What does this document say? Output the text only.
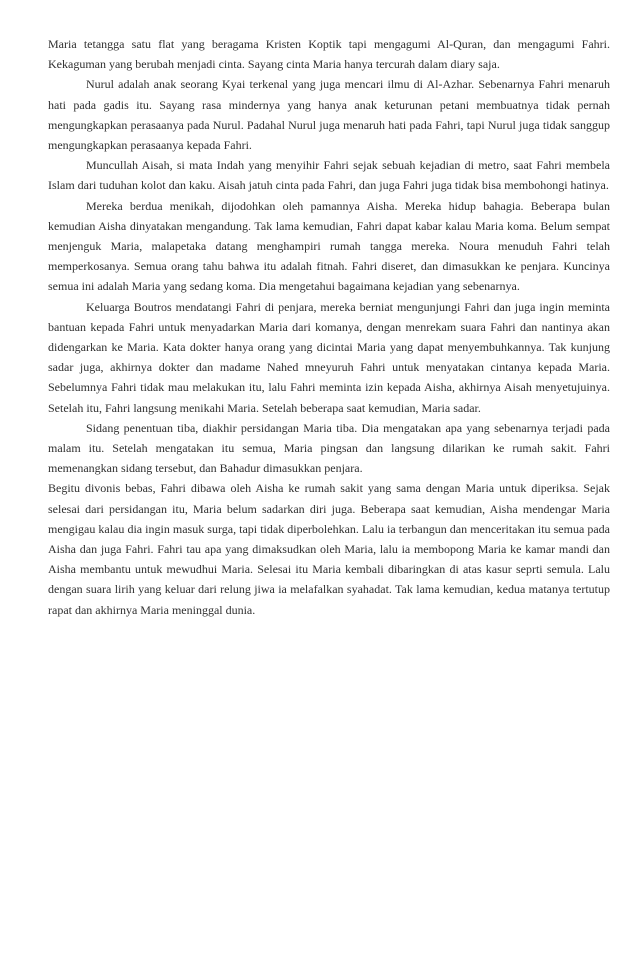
Maria tetangga satu flat yang beragama Kristen Koptik tapi mengagumi Al-Quran, dan mengagumi Fahri. Kekaguman yang berubah menjadi cinta. Sayang cinta Maria hanya tercurah dalam diary saja.

Nurul adalah anak seorang Kyai terkenal yang juga mencari ilmu di Al-Azhar. Sebenarnya Fahri menaruh hati pada gadis itu. Sayang rasa mindernya yang hanya anak keturunan petani membuatnya tidak pernah mengungkapkan perasaanya pada Nurul. Padahal Nurul juga menaruh hati pada Fahri, tapi Nurul juga tidak sanggup mengungkapkan perasaanya kepada Fahri.

Muncullah Aisah, si mata Indah yang menyihir Fahri sejak sebuah kejadian di metro, saat Fahri membela Islam dari tuduhan kolot dan kaku. Aisah jatuh cinta pada Fahri, dan juga Fahri juga tidak bisa membohongi hatinya.

Mereka berdua menikah, dijodohkan oleh pamannya Aisha. Mereka hidup bahagia. Beberapa bulan kemudian Aisha dinyatakan mengandung. Tak lama kemudian, Fahri dapat kabar kalau Maria koma. Belum sempat menjenguk Maria, malapetaka datang menghampiri rumah tangga mereka. Noura menuduh Fahri telah memperkosanya. Semua orang tahu bahwa itu adalah fitnah. Fahri diseret, dan dimasukkan ke penjara. Kuncinya semua ini adalah Maria yang sedang koma. Dia mengetahui bagaimana kejadian yang sebenarnya.

Keluarga Boutros mendatangi Fahri di penjara, mereka berniat mengunjungi Fahri dan juga ingin meminta bantuan kepada Fahri untuk menyadarkan Maria dari komanya, dengan menrekam suara Fahri dan nantinya akan didengarkan ke Maria. Kata dokter hanya orang yang dicintai Maria yang dapat menyembuhkannya. Tak kunjung sadar juga, akhirnya dokter dan madame Nahed mneyuruh Fahri untuk menyatakan cintanya kepada Maria. Sebelumnya Fahri tidak mau melakukan itu, lalu Fahri meminta izin kepada Aisha, akhirnya Aisah menyetujuinya. Setelah itu, Fahri langsung menikahi Maria. Setelah beberapa saat kemudian, Maria sadar.

Sidang penentuan tiba, diakhir persidangan Maria tiba. Dia mengatakan apa yang sebenarnya terjadi pada malam itu. Setelah mengatakan itu semua, Maria pingsan dan langsung dilarikan ke rumah sakit. Fahri memenangkan sidang tersebut, dan Bahadur dimasukkan penjara.

Begitu divonis bebas, Fahri dibawa oleh Aisha ke rumah sakit yang sama dengan Maria untuk diperiksa. Sejak selesai dari persidangan itu, Maria belum sadarkan diri juga. Beberapa saat kemudian, Aisha mendengar Maria mengigau kalau dia ingin masuk surga, tapi tidak diperbolehkan. Lalu ia terbangun dan menceritakan itu semua pada Aisha dan juga Fahri. Fahri tau apa yang dimaksudkan oleh Maria, lalu ia membopong Maria ke kamar mandi dan Aisha membantu untuk mewudhui Maria. Selesai itu Maria kembali dibaringkan di atas kasur seprti semula. Lalu dengan suara lirih yang keluar dari relung jiwa ia melafalkan syahadat. Tak lama kemudian, kedua matanya tertutup rapat dan akhirnya Maria meninggal dunia.
